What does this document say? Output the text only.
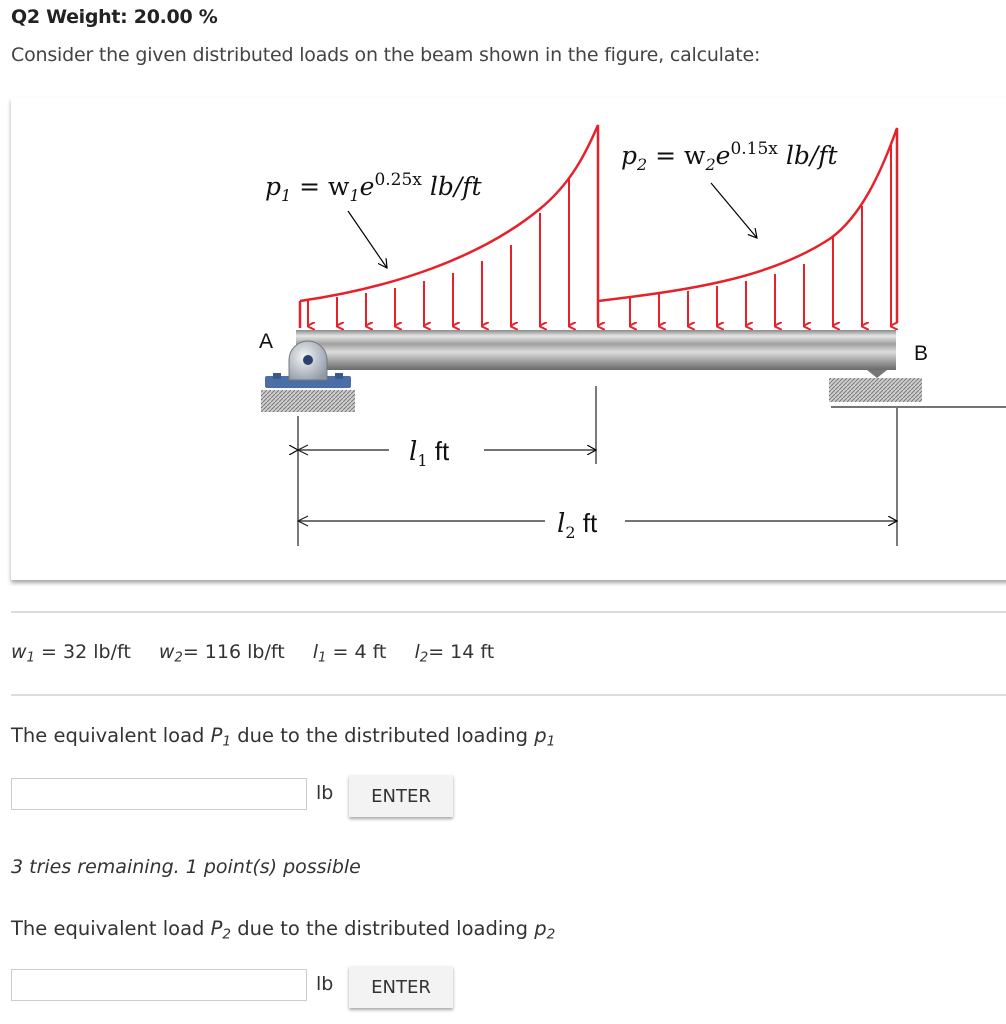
Q2 Weight: 20.00 %
Consider the given distributed loads on the beam shown in the figure, calculate:
$p_1 = w_1e^{0.25x}$ lb/ft
$p_2 = w_2e^{0.15x}$ lb/ft
A
B
$l_1$ ft
$l_2$ ft
$w_1 = 32$ lb/ft $w_2= 116$ lb/ft $l_1 = 4$ ft $l_2= 14$ ft
The equivalent load $P_1$ due to the distributed loading $p_1$
lb	ENTER
3 tries remaining. 1 point(s) possible
The equivalent load $P_2$ due to the distributed loading $p_2$
lb	ENTER
